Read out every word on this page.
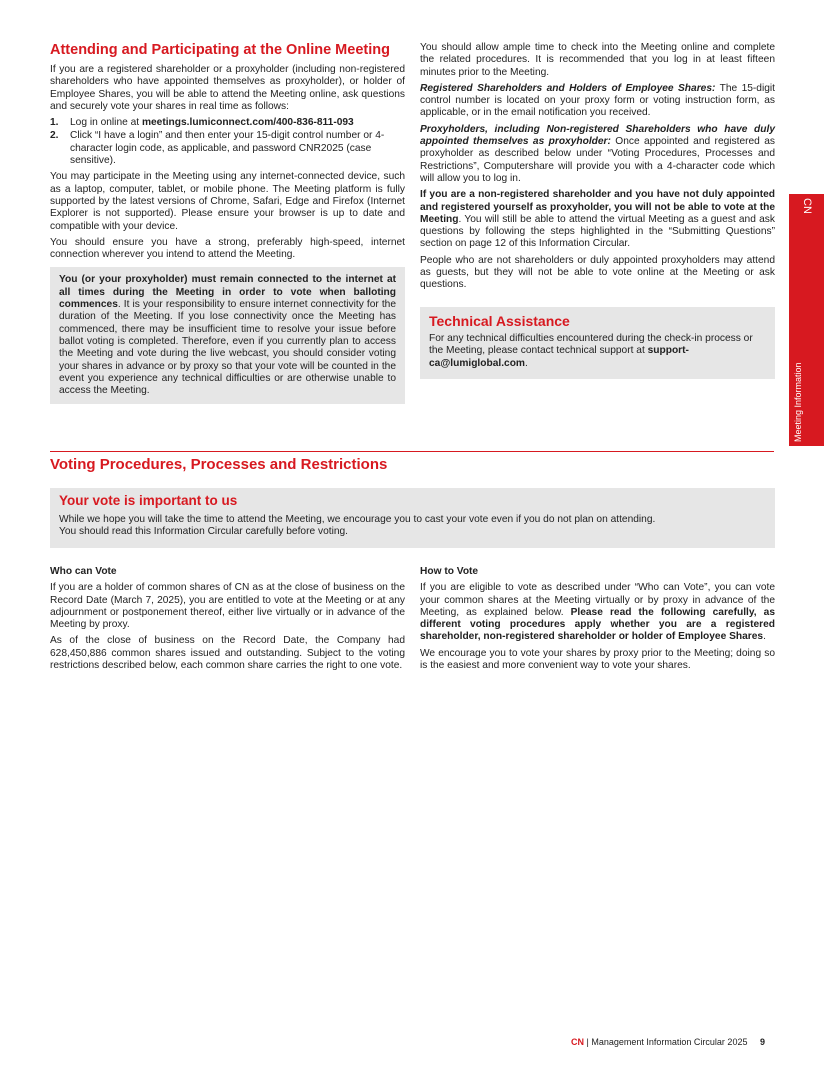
Attending and Participating at the Online Meeting

If you are a registered shareholder or a proxyholder (including non-registered shareholders who have appointed themselves as proxyholder), or holder of Employee Shares, you will be able to attend the Meeting online, ask questions and securely vote your shares in real time as follows:

1. Log in online at meetings.lumiconnect.com/400-836-811-093
2. Click “I have a login” and then enter your 15-digit control number or 4-character login code, as applicable, and password CNR2025 (case sensitive).

You may participate in the Meeting using any internet-connected device, such as a laptop, computer, tablet, or mobile phone. The Meeting platform is fully supported by the latest versions of Chrome, Safari, Edge and Firefox (Internet Explorer is not supported). Please ensure your browser is up to date and compatible with your device.

You should ensure you have a strong, preferably high-speed, internet connection wherever you intend to attend the Meeting.

You (or your proxyholder) must remain connected to the internet at all times during the Meeting in order to vote when balloting commences. It is your responsibility to ensure internet connectivity for the duration of the Meeting. If you lose connectivity once the Meeting has commenced, there may be insufficient time to resolve your issue before ballot voting is completed. Therefore, even if you currently plan to access the Meeting and vote during the live webcast, you should consider voting your shares in advance or by proxy so that your vote will be counted in the event you experience any technical difficulties or are otherwise unable to access the Meeting.

You should allow ample time to check into the Meeting online and complete the related procedures. It is recommended that you log in at least fifteen minutes prior to the Meeting.

Registered Shareholders and Holders of Employee Shares: The 15-digit control number is located on your proxy form or voting instruction form, as applicable, or in the email notification you received.

Proxyholders, including Non-registered Shareholders who have duly appointed themselves as proxyholder: Once appointed and registered as proxyholder as described below under “Voting Procedures, Processes and Restrictions”, Computershare will provide you with a 4-character code which will allow you to log in.

If you are a non-registered shareholder and you have not duly appointed and registered yourself as proxyholder, you will not be able to vote at the Meeting. You will still be able to attend the virtual Meeting as a guest and ask questions by following the steps highlighted in the “Submitting Questions” section on page 12 of this Information Circular.

People who are not shareholders or duly appointed proxyholders may attend as guests, but they will not be able to vote online at the Meeting or ask questions.

Technical Assistance

For any technical difficulties encountered during the check-in process or the Meeting, please contact technical support at support-ca@lumiglobal.com.

CN
Meeting Information
Voting Procedures, Processes and Restrictions
Your vote is important to us

While we hope you will take the time to attend the Meeting, we encourage you to cast your vote even if you do not plan on attending.

You should read this Information Circular carefully before voting.

Who can Vote

If you are a holder of common shares of CN as at the close of business on the Record Date (March 7, 2025), you are entitled to vote at the Meeting or at any adjournment or postponement thereof, either live virtually or in advance of the Meeting by proxy.

As of the close of business on the Record Date, the Company had 628,450,886 common shares issued and outstanding. Subject to the voting restrictions described below, each common share carries the right to one vote.

How to Vote

If you are eligible to vote as described under “Who can Vote”, you can vote your common shares at the Meeting virtually or by proxy in advance of the Meeting, as explained below. Please read the following carefully, as different voting procedures apply whether you are a registered shareholder, non-registered shareholder or holder of Employee Shares.

We encourage you to vote your shares by proxy prior to the Meeting; doing so is the easiest and more convenient way to vote your shares.

CN | Management Information Circular 2025 9
